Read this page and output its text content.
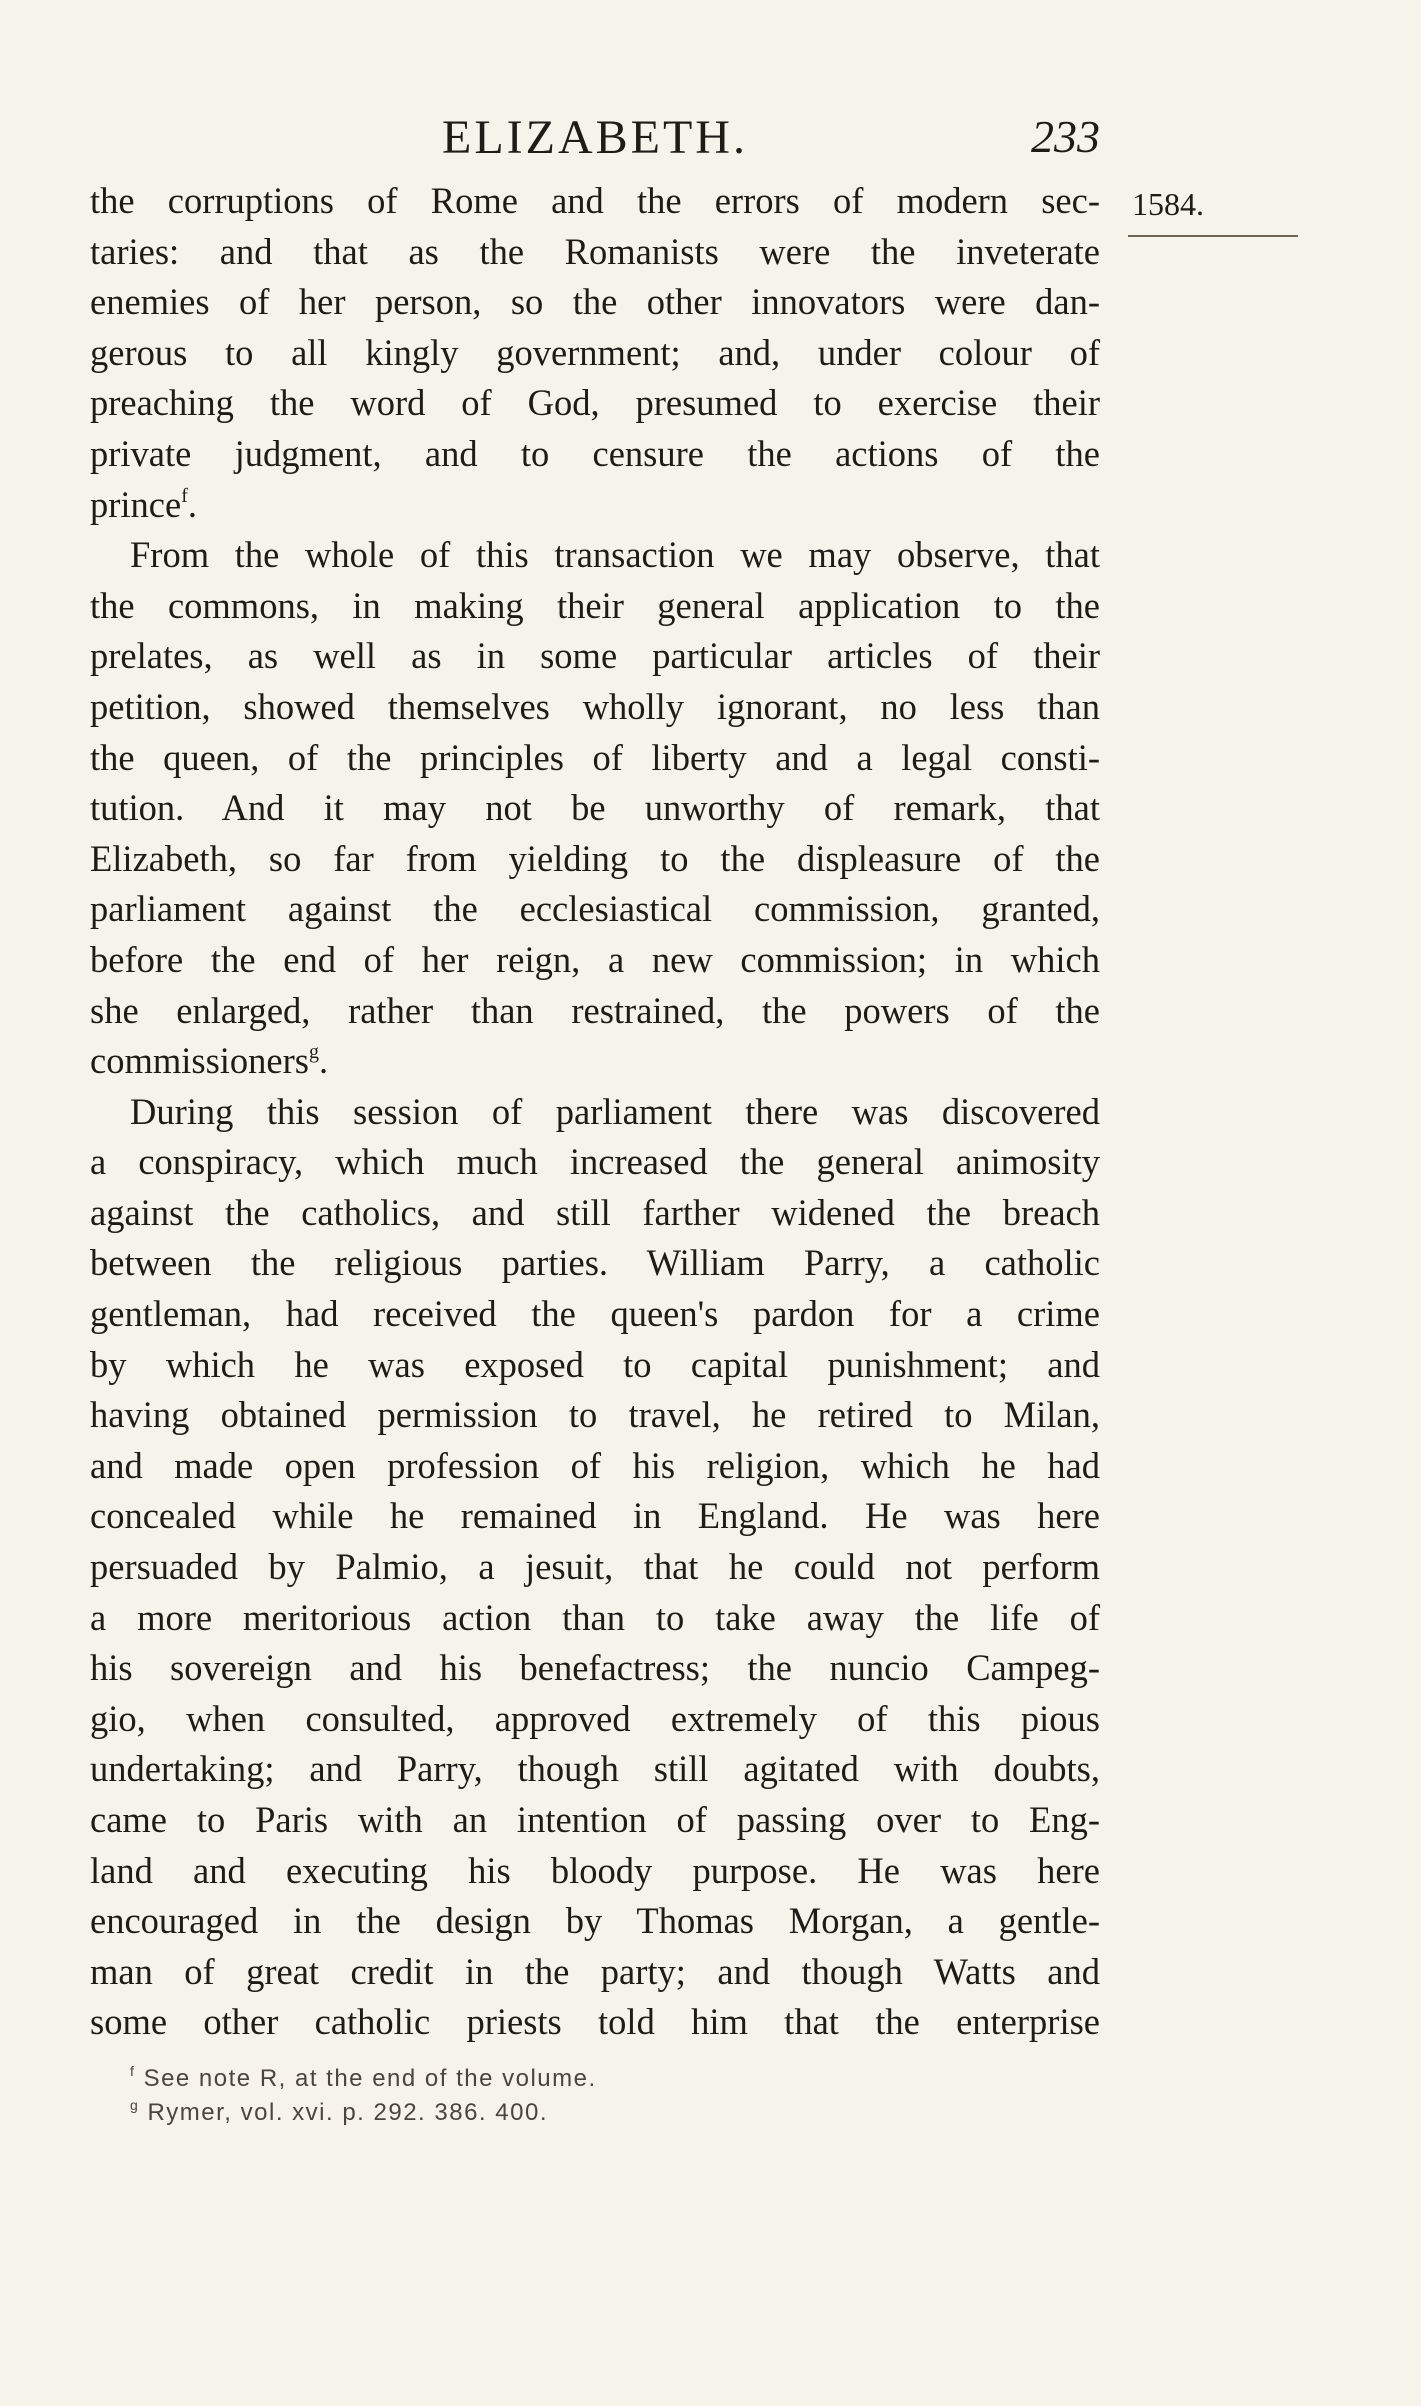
ELIZABETH.	233
1584.
the corruptions of Rome and the errors of modern sec-
taries: and that as the Romanists were the inveterate
enemies of her person, so the other innovators were dan-
gerous to all kingly government; and, under colour of
preaching the word of God, presumed to exercise their
private judgment, and to censure the actions of the
prince$^f$.
From the whole of this transaction we may observe, that
the commons, in making their general application to the
prelates, as well as in some particular articles of their
petition, showed themselves wholly ignorant, no less than
the queen, of the principles of liberty and a legal consti-
tution. And it may not be unworthy of remark, that
Elizabeth, so far from yielding to the displeasure of the
parliament against the ecclesiastical commission, granted,
before the end of her reign, a new commission; in which
she enlarged, rather than restrained, the powers of the
commissioners$^g$.
During this session of parliament there was discovered
a conspiracy, which much increased the general animosity
against the catholics, and still farther widened the breach
between the religious parties. William Parry, a catholic
gentleman, had received the queen's pardon for a crime
by which he was exposed to capital punishment; and
having obtained permission to travel, he retired to Milan,
and made open profession of his religion, which he had
concealed while he remained in England. He was here
persuaded by Palmio, a jesuit, that he could not perform
a more meritorious action than to take away the life of
his sovereign and his benefactress; the nuncio Campeg-
gio, when consulted, approved extremely of this pious
undertaking; and Parry, though still agitated with doubts,
came to Paris with an intention of passing over to Eng-
land and executing his bloody purpose. He was here
encouraged in the design by Thomas Morgan, a gentle-
man of great credit in the party; and though Watts and
some other catholic priests told him that the enterprise
$^f$ See note R, at the end of the volume.
$^g$ Rymer, vol. xvi. p. 292. 386. 400.
